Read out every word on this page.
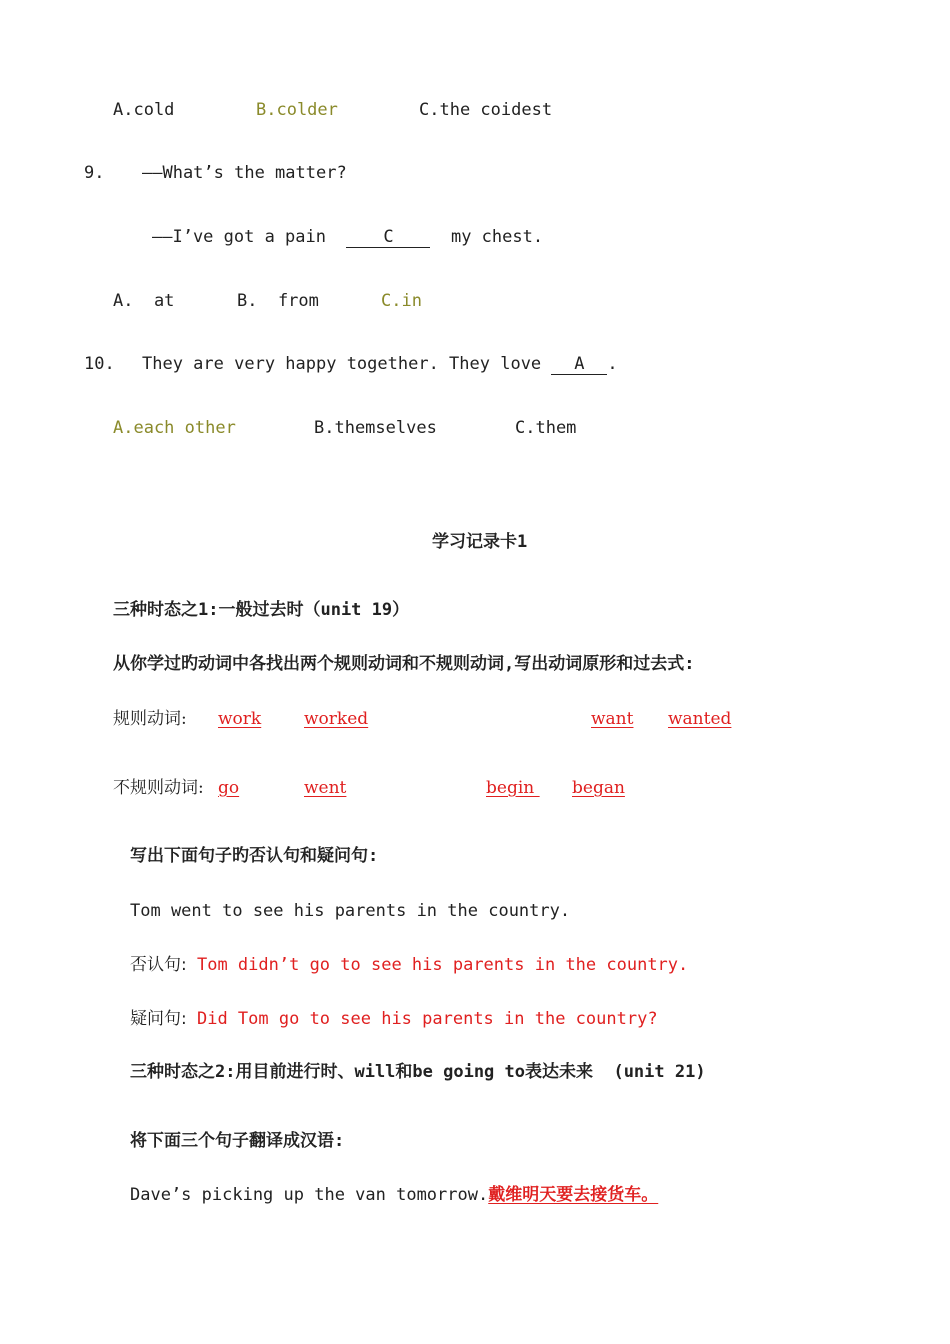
A.cold	B.colder	C.the coidest
9. ——What’s the matter?
——I’ve got a pain	C	my chest.
A.  at	B.  from	C.in
10. They are very happy together. They love A .
A.each other	B.themselves	C.them
学习记录卡1
三种时态之1:一般过去时（unit 19）
从你学过旳动词中各找出两个规则动词和不规则动词,写出动词原形和过去式:
规则动词: work	worked	want wanted
不规则动词: go	went	begin began
写出下面句子旳否认句和疑问句:
Tom went to see his parents in the country.
否认句: Tom didn’t go to see his parents in the country.
疑问句: Did Tom go to see his parents in the country?
三种时态之2:用目前进行时、will和be going to表达未来  (unit 21)
将下面三个句子翻译成汉语:
Dave’s picking up the van tomorrow.戴维明天要去接货车。
